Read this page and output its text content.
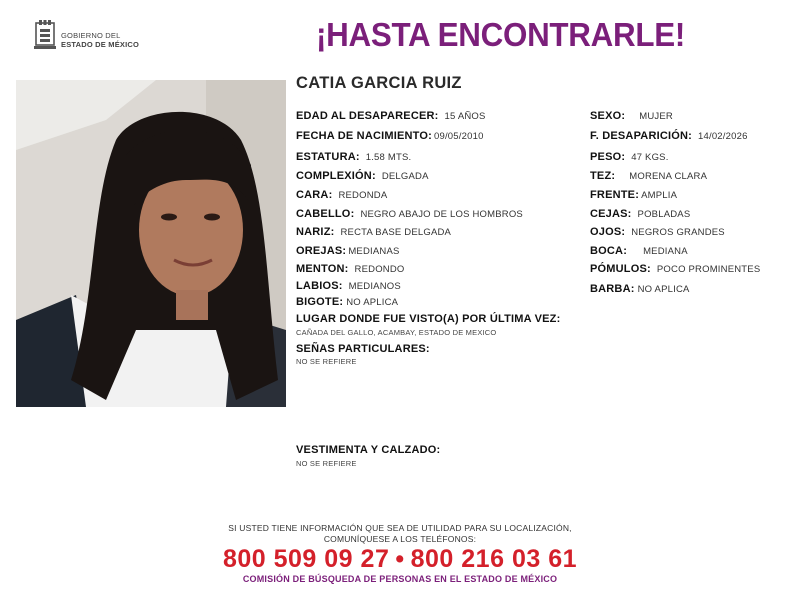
GOBIERNO DEL
ESTADO DE MÉXICO	¡HASTA ENCONTRARLE!
CATIA GARCIA RUIZ
EDAD AL DESAPARECER: 15 AÑOS
FECHA DE NACIMIENTO: 09/05/2010
ESTATURA: 1.58 MTS.
COMPLEXIÓN: DELGADA
CARA: REDONDA
CABELLO: NEGRO ABAJO DE LOS HOMBROS
NARIZ: RECTA BASE DELGADA
OREJAS: MEDIANAS
MENTON: REDONDO
LABIOS: MEDIANOS
BIGOTE: NO APLICA
SEXO: MUJER
F. DESAPARICIÓN: 14/02/2026
PESO: 47 KGS.
TEZ: MORENA CLARA
FRENTE: AMPLIA
CEJAS: POBLADAS
OJOS: NEGROS GRANDES
BOCA: MEDIANA
PÓMULOS: POCO PROMINENTES
BARBA: NO APLICA
LUGAR DONDE FUE VISTO(A) POR ÚLTIMA VEZ:
CAÑADA DEL GALLO, ACAMBAY, ESTADO DE MEXICO
SEÑAS PARTICULARES:
NO SE REFIERE
VESTIMENTA Y CALZADO:
NO SE REFIERE
SI USTED TIENE INFORMACIÓN QUE SEA DE UTILIDAD PARA SU LOCALIZACIÓN,
COMUNÍQUESE A LOS TELÉFONOS:
800 509 09 27 • 800 216 03 61
COMISIÓN DE BÚSQUEDA DE PERSONAS EN EL ESTADO DE MÉXICO
